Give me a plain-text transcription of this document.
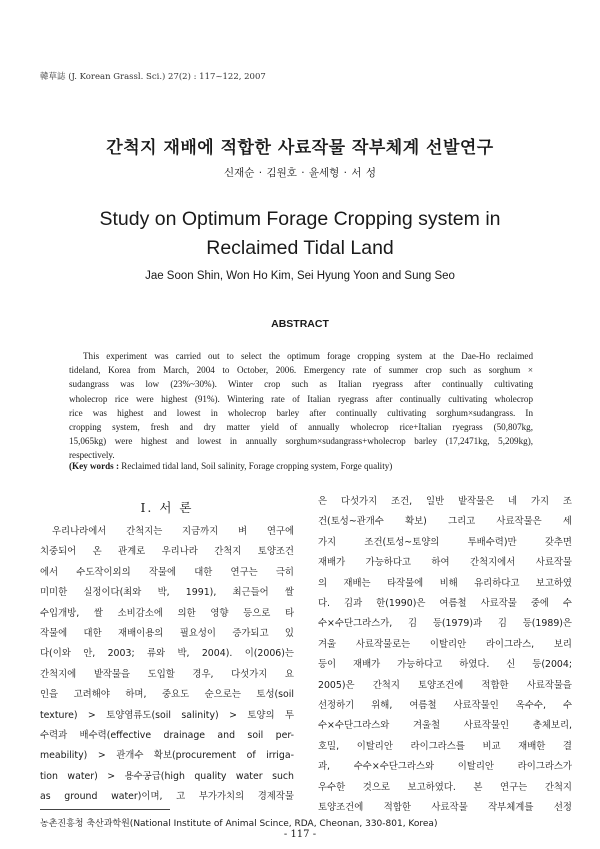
韓草誌 (J. Korean Grassl. Sci.) 27(2) : 117~122, 2007
간척지 재배에 적합한 사료작물 작부체계 선발연구
신재순 · 김원호 · 윤세형 · 서 성
Study on Optimum Forage Cropping system in Reclaimed Tidal Land
Jae Soon Shin, Won Ho Kim, Sei Hyung Yoon and Sung Seo
ABSTRACT
This experiment was carried out to select the optimum forage cropping system at the Dae-Ho reclaimed
tideland, Korea from March, 2004 to October, 2006. Emergency rate of summer crop such as sorghum ×
sudangrass was low (23%~30%). Winter crop such as Italian ryegrass after continually cultivating
wholecrop rice were highest (91%). Wintering rate of Italian ryegrass after continually cultivating wholecrop
rice was highest and lowest in wholecrop barley after continually cultivating sorghum×sudangrass. In
cropping system, fresh and dry matter yield of annually wholecrop rice+Italian ryegrass (50,807kg,
15,065kg) were highest and lowest in annually sorghum×sudangrass+wholecrop barley (17,2471kg, 5,209kg),
respectively.
(Key words : Reclaimed tidal land, Soil salinity, Forage cropping system, Forge quality)
I. 서 론
우리나라에서 간척지는 지금까지 벼 연구에
치중되어 온 관계로 우리나라 간척지 토양조건
에서 수도작이외의 작물에 대한 연구는 극히
미미한 실정이다(최와 박, 1991), 최근들어 쌀
수입개방, 쌀 소비감소에 의한 영향 등으로 타
작물에 대한 재배이용의 필요성이 증가되고 있
다(이와 안, 2003; 류와 박, 2004). 이(2006)는
간척지에 밭작물을 도입할 경우, 다섯가지 요
인을 고려해야 하며, 중요도 순으로는 토성(soil
texture) > 토양염류도(soil salinity) > 토양의 투
수력과 배수력(effective drainage and soil per-
meability) > 관개수 확보(procurement of irriga-
tion water) > 용수공급(high quality water such
as ground water)이며, 고 부가가치의 경제작물
은 다섯가지 조건, 일반 밭작물은 네 가지 조
건(토성~관개수 확보) 그리고 사료작물은 세
가지 조건(토성~토양의 투배수력)만 갖추면
재배가 가능하다고 하여 간척지에서 사료작물
의 재배는 타작물에 비해 유리하다고 보고하였
다. 김과 한(1990)은 여름철 사료작물 중에 수
수×수단그라스가, 김 등(1979)과 김 등(1989)은
겨울 사료작물로는 이탈리안 라이그라스, 보리
등이 재배가 가능하다고 하였다. 신 등(2004;
2005)은 간척지 토양조건에 적합한 사료작물을
선정하기 위해, 여름철 사료작물인 옥수수, 수
수×수단그라스와 겨울철 사료작물인 총체보리,
호밀, 이탈리안 라이그라스를 비교 재배한 결
과, 수수×수단그라스와 이탈리안 라이그라스가
우수한 것으로 보고하였다. 본 연구는 간척지
토양조건에 적합한 사료작물 작부체계를 선정
농촌진흥청 축산과학원(National Institute of Animal Scince, RDA, Cheonan, 330-801, Korea)
- 117 -
